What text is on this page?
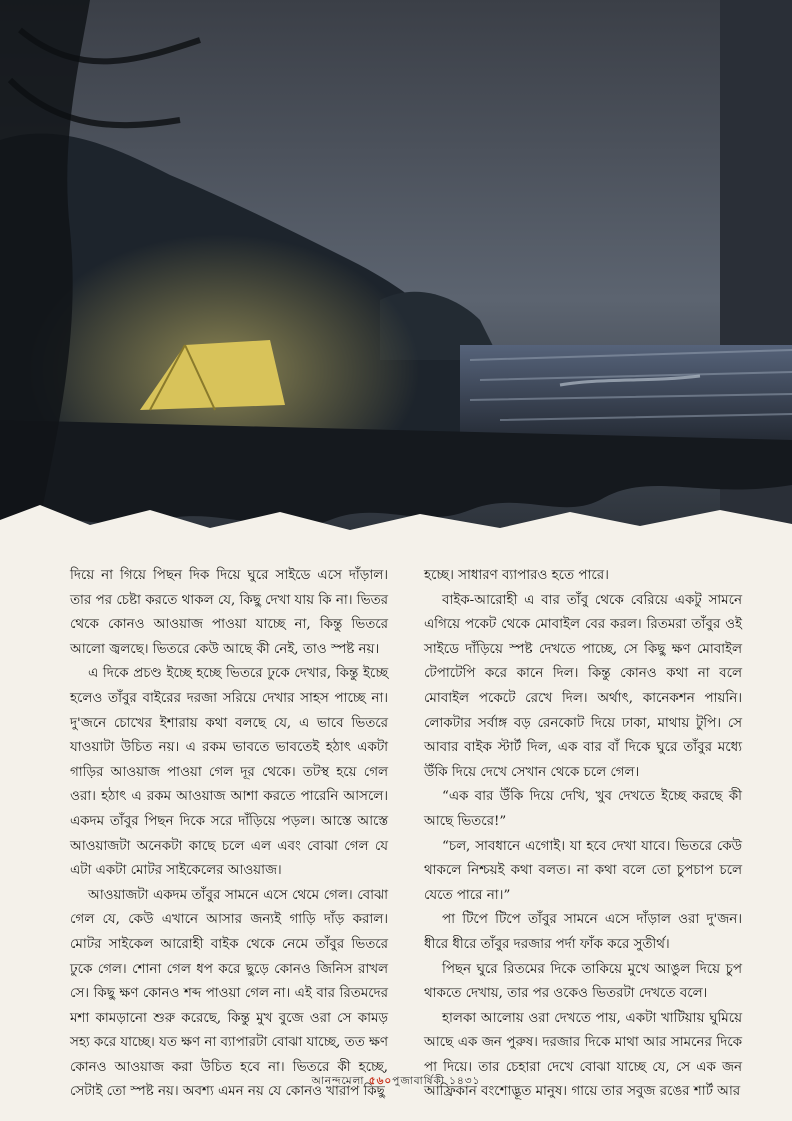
দিয়ে না গিয়ে পিছন দিক দিয়ে ঘুরে সাইডে এসে দাঁড়াল। তার পর চেষ্টা করতে থাকল যে, কিছু দেখা যায় কি না। ভিতর থেকে কোনও আওয়াজ পাওয়া যাচ্ছে না, কিন্তু ভিতরে আলো জ্বলছে। ভিতরে কেউ আছে কী নেই, তাও স্পষ্ট নয়।

এ দিকে প্রচণ্ড ইচ্ছে হচ্ছে ভিতরে ঢুকে দেখার, কিন্তু ইচ্ছে হলেও তাঁবুর বাইরের দরজা সরিয়ে দেখার সাহস পাচ্ছে না। দু'জনে চোখের ইশারায় কথা বলছে যে, এ ভাবে ভিতরে যাওয়াটা উচিত নয়। এ রকম ভাবতে ভাবতেই হঠাৎ একটা গাড়ির আওয়াজ পাওয়া গেল দূর থেকে। তটস্থ হয়ে গেল ওরা। হঠাৎ এ রকম আওয়াজ আশা করতে পারেনি আসলে। একদম তাঁবুর পিছন দিকে সরে দাঁড়িয়ে পড়ল। আস্তে আস্তে আওয়াজটা অনেকটা কাছে চলে এল এবং বোঝা গেল যে এটা একটা মোটর সাইকেলের আওয়াজ।

আওয়াজটা একদম তাঁবুর সামনে এসে থেমে গেল। বোঝা গেল যে, কেউ এখানে আসার জন্যই গাড়ি দাঁড় করাল। মোটর সাইকেল আরোহী বাইক থেকে নেমে তাঁবুর ভিতরে ঢুকে গেল। শোনা গেল ধপ করে ছুড়ে কোনও জিনিস রাখল সে। কিছু ক্ষণ কোনও শব্দ পাওয়া গেল না। এই বার রিতমদের মশা কামড়ানো শুরু করেছে, কিন্তু মুখ বুজে ওরা সে কামড় সহ্য করে যাচ্ছে। যত ক্ষণ না ব্যাপারটা বোঝা যাচ্ছে, তত ক্ষণ কোনও আওয়াজ করা উচিত হবে না। ভিতরে কী হচ্ছে, সেটাই তো স্পষ্ট নয়। অবশ্য এমন নয় যে কোনও খারাপ কিছু

হচ্ছে। সাধারণ ব্যাপারও হতে পারে।

বাইক-আরোহী এ বার তাঁবু থেকে বেরিয়ে একটু সামনে এগিয়ে পকেট থেকে মোবাইল বের করল। রিতমরা তাঁবুর ওই সাইডে দাঁড়িয়ে স্পষ্ট দেখতে পাচ্ছে, সে কিছু ক্ষণ মোবাইল টেপাটেপি করে কানে দিল। কিন্তু কোনও কথা না বলে মোবাইল পকেটে রেখে দিল। অর্থাৎ, কানেকশন পায়নি। লোকটার সর্বাঙ্গ বড় রেনকোট দিয়ে ঢাকা, মাথায় টুপি। সে আবার বাইক স্টার্ট দিল, এক বার বাঁ দিকে ঘুরে তাঁবুর মধ্যে উঁকি দিয়ে দেখে সেখান থেকে চলে গেল।

“এক বার উঁকি দিয়ে দেখি, খুব দেখতে ইচ্ছে করছে কী আছে ভিতরে!”

“চল, সাবধানে এগোই। যা হবে দেখা যাবে। ভিতরে কেউ থাকলে নিশ্চয়ই কথা বলত। না কথা বলে তো চুপচাপ চলে যেতে পারে না।”

পা টিপে টিপে তাঁবুর সামনে এসে দাঁড়াল ওরা দু'জন। ধীরে ধীরে তাঁবুর দরজার পর্দা ফাঁক করে সুতীর্থ।

পিছন ঘুরে রিতমের দিকে তাকিয়ে মুখে আঙুল দিয়ে চুপ থাকতে দেখায়, তার পর ওকেও ভিতরটা দেখতে বলে।

হালকা আলোয় ওরা দেখতে পায়, একটা খাটিয়ায় ঘুমিয়ে আছে এক জন পুরুষ। দরজার দিকে মাথা আর সামনের দিকে পা দিয়ে। তার চেহারা দেখে বোঝা যাচ্ছে যে, সে এক জন আফ্রিকান বংশোদ্ভূত মানুষ। গায়ে তার সবুজ রঙের শার্ট আর

আনন্দমেলা ৫৬০পুজাবার্ষিকী ১৪৩১
